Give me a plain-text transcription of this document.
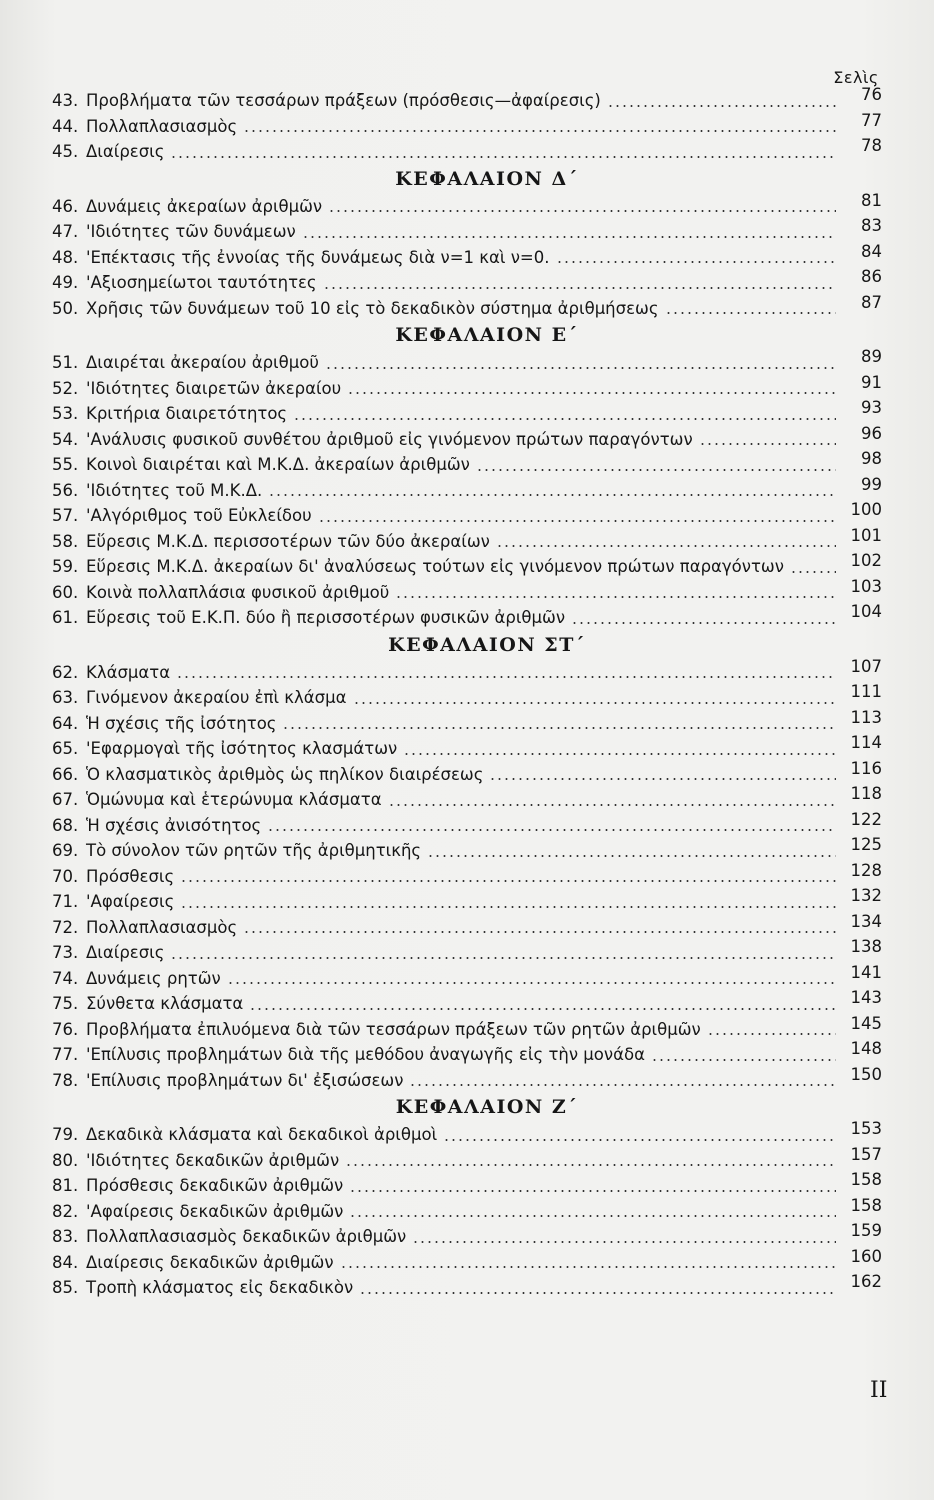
Σελὶς
43. Προβλήματα τῶν τεσσάρων πράξεων (πρόσθεσις—ἀφαίρεσις)	76
44. Πολλαπλασιασμὸς	77
45. Διαίρεσις	78
ΚΕΦΑΛΑΙΟΝ Δ΄
46. Δυνάμεις ἀκεραίων ἀριθμῶν	81
47. 'Ιδιότητες τῶν δυνάμεων	83
48. 'Επέκτασις τῆς ἐννοίας τῆς δυνάμεως διὰ ν=1 καὶ ν=0.	84
49. 'Αξιοσημείωτοι ταυτότητες	86
50. Χρῆσις τῶν δυνάμεων τοῦ 10 εἰς τὸ δεκαδικὸν σύστημα ἀριθμήσεως	87
ΚΕΦΑΛΑΙΟΝ Ε΄
51. Διαιρέται ἀκεραίου ἀριθμοῦ	89
52. 'Ιδιότητες διαιρετῶν ἀκεραίου	91
53. Κριτήρια διαιρετότητος	93
54. 'Ανάλυσις φυσικοῦ συνθέτου ἀριθμοῦ εἰς γινόμενον πρώτων παραγόντων	96
55. Κοινοὶ διαιρέται καὶ Μ.Κ.Δ. ἀκεραίων ἀριθμῶν	98
56. 'Ιδιότητες τοῦ Μ.Κ.Δ.	99
57. 'Αλγόριθμος τοῦ Εὐκλείδου	100
58. Εὕρεσις Μ.Κ.Δ. περισσοτέρων τῶν δύο ἀκεραίων	101
59. Εὕρεσις Μ.Κ.Δ. ἀκεραίων δι' ἀναλύσεως τούτων εἰς γινόμενον πρώτων παραγόντων	102
60. Κοινὰ πολλαπλάσια φυσικοῦ ἀριθμοῦ	103
61. Εὕρεσις τοῦ Ε.Κ.Π. δύο ἢ περισσοτέρων φυσικῶν ἀριθμῶν	104
ΚΕΦΑΛΑΙΟΝ ΣΤ΄
62. Κλάσματα	107
63. Γινόμενον ἀκεραίου ἐπὶ κλάσμα	111
64. Ἡ σχέσις τῆς ἰσότητος	113
65. 'Εφαρμογαὶ τῆς ἰσότητος κλασμάτων	114
66. Ὁ κλασματικὸς ἀριθμὸς ὡς πηλίκον διαιρέσεως	116
67. Ὁμώνυμα καὶ ἑτερώνυμα κλάσματα	118
68. Ἡ σχέσις ἀνισότητος	122
69. Τὸ σύνολον τῶν ρητῶν τῆς ἀριθμητικῆς	125
70. Πρόσθεσις	128
71. 'Αφαίρεσις	132
72. Πολλαπλασιασμὸς	134
73. Διαίρεσις	138
74. Δυνάμεις ρητῶν	141
75. Σύνθετα κλάσματα	143
76. Προβλήματα ἐπιλυόμενα διὰ τῶν τεσσάρων πράξεων τῶν ρητῶν ἀριθμῶν	145
77. 'Επίλυσις προβλημάτων διὰ τῆς μεθόδου ἀναγωγῆς εἰς τὴν μονάδα	148
78. 'Επίλυσις προβλημάτων δι' ἐξισώσεων	150
ΚΕΦΑΛΑΙΟΝ Ζ΄
79. Δεκαδικὰ κλάσματα καὶ δεκαδικοὶ ἀριθμοὶ	153
80. 'Ιδιότητες δεκαδικῶν ἀριθμῶν	157
81. Πρόσθεσις δεκαδικῶν ἀριθμῶν	158
82. 'Αφαίρεσις δεκαδικῶν ἀριθμῶν	158
83. Πολλαπλασιασμὸς δεκαδικῶν ἀριθμῶν	159
84. Διαίρεσις δεκαδικῶν ἀριθμῶν	160
85. Τροπὴ κλάσματος εἰς δεκαδικὸν	162
II
